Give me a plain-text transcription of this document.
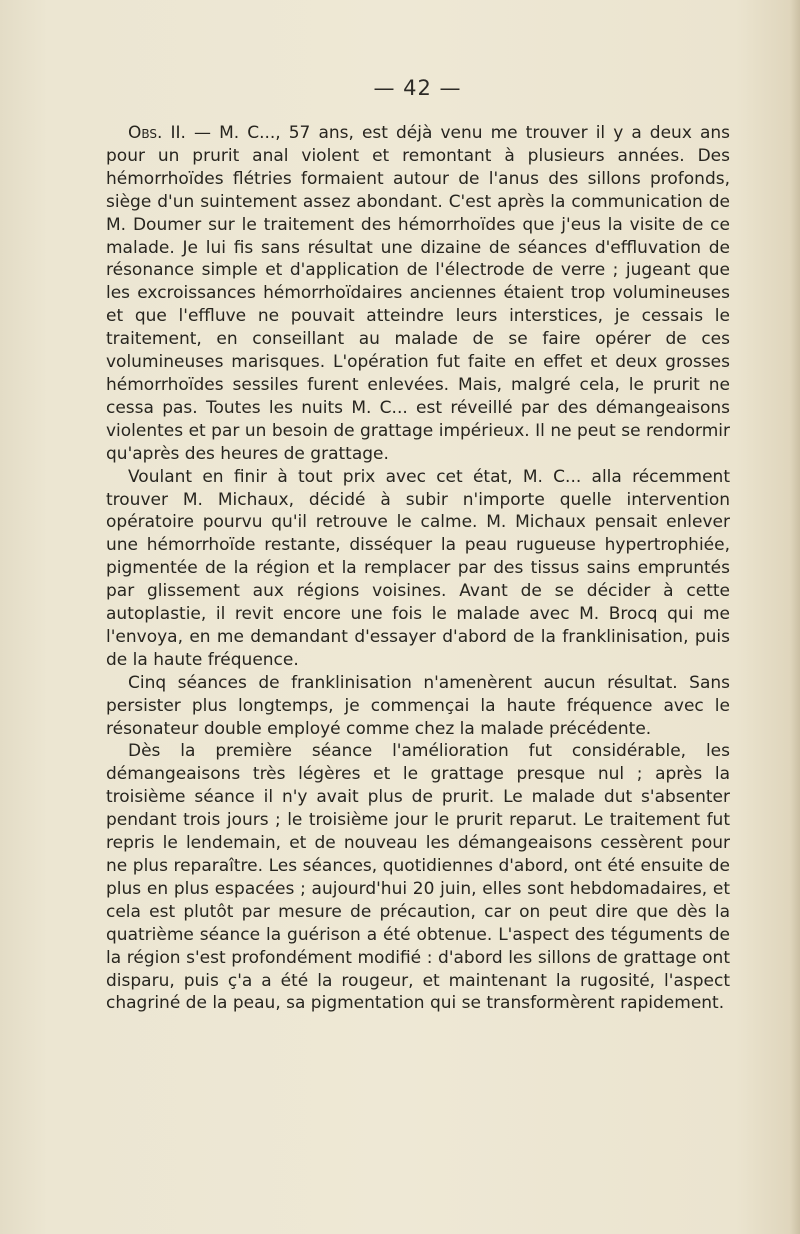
— 42 —

Obs. II. — M. C..., 57 ans, est déjà venu me trouver il y a deux ans pour un prurit anal violent et remontant à plusieurs années. Des hémorrhoïdes flétries formaient autour de l'anus des sillons profonds, siège d'un suintement assez abondant. C'est après la communication de M. Doumer sur le traitement des hémorrhoïdes que j'eus la visite de ce malade. Je lui fis sans résultat une dizaine de séances d'effluvation de résonance simple et d'application de l'électrode de verre ; jugeant que les excroissances hémorrhoïdaires anciennes étaient trop volumineuses et que l'effluve ne pouvait atteindre leurs interstices, je cessais le traitement, en conseillant au malade de se faire opérer de ces volumineuses marisques. L'opération fut faite en effet et deux grosses hémorrhoïdes sessiles furent enlevées. Mais, malgré cela, le prurit ne cessa pas. Toutes les nuits M. C... est réveillé par des démangeaisons violentes et par un besoin de grattage impérieux. Il ne peut se rendormir qu'après des heures de grattage.

Voulant en finir à tout prix avec cet état, M. C... alla récemment trouver M. Michaux, décidé à subir n'importe quelle intervention opératoire pourvu qu'il retrouve le calme. M. Michaux pensait enlever une hémorrhoïde restante, disséquer la peau rugueuse hypertrophiée, pigmentée de la région et la remplacer par des tissus sains empruntés par glissement aux régions voisines. Avant de se décider à cette autoplastie, il revit encore une fois le malade avec M. Brocq qui me l'envoya, en me demandant d'essayer d'abord de la franklinisation, puis de la haute fréquence.

Cinq séances de franklinisation n'amenèrent aucun résultat. Sans persister plus longtemps, je commençai la haute fréquence avec le résonateur double employé comme chez la malade précédente.

Dès la première séance l'amélioration fut considérable, les démangeaisons très légères et le grattage presque nul ; après la troisième séance il n'y avait plus de prurit. Le malade dut s'absenter pendant trois jours ; le troisième jour le prurit reparut. Le traitement fut repris le lendemain, et de nouveau les démangeaisons cessèrent pour ne plus reparaître. Les séances, quotidiennes d'abord, ont été ensuite de plus en plus espacées ; aujourd'hui 20 juin, elles sont hebdomadaires, et cela est plutôt par mesure de précaution, car on peut dire que dès la quatrième séance la guérison a été obtenue. L'aspect des téguments de la région s'est profondément modifié : d'abord les sillons de grattage ont disparu, puis ç'a a été la rougeur, et maintenant la rugosité, l'aspect chagriné de la peau, sa pigmentation qui se transformèrent rapidement.
